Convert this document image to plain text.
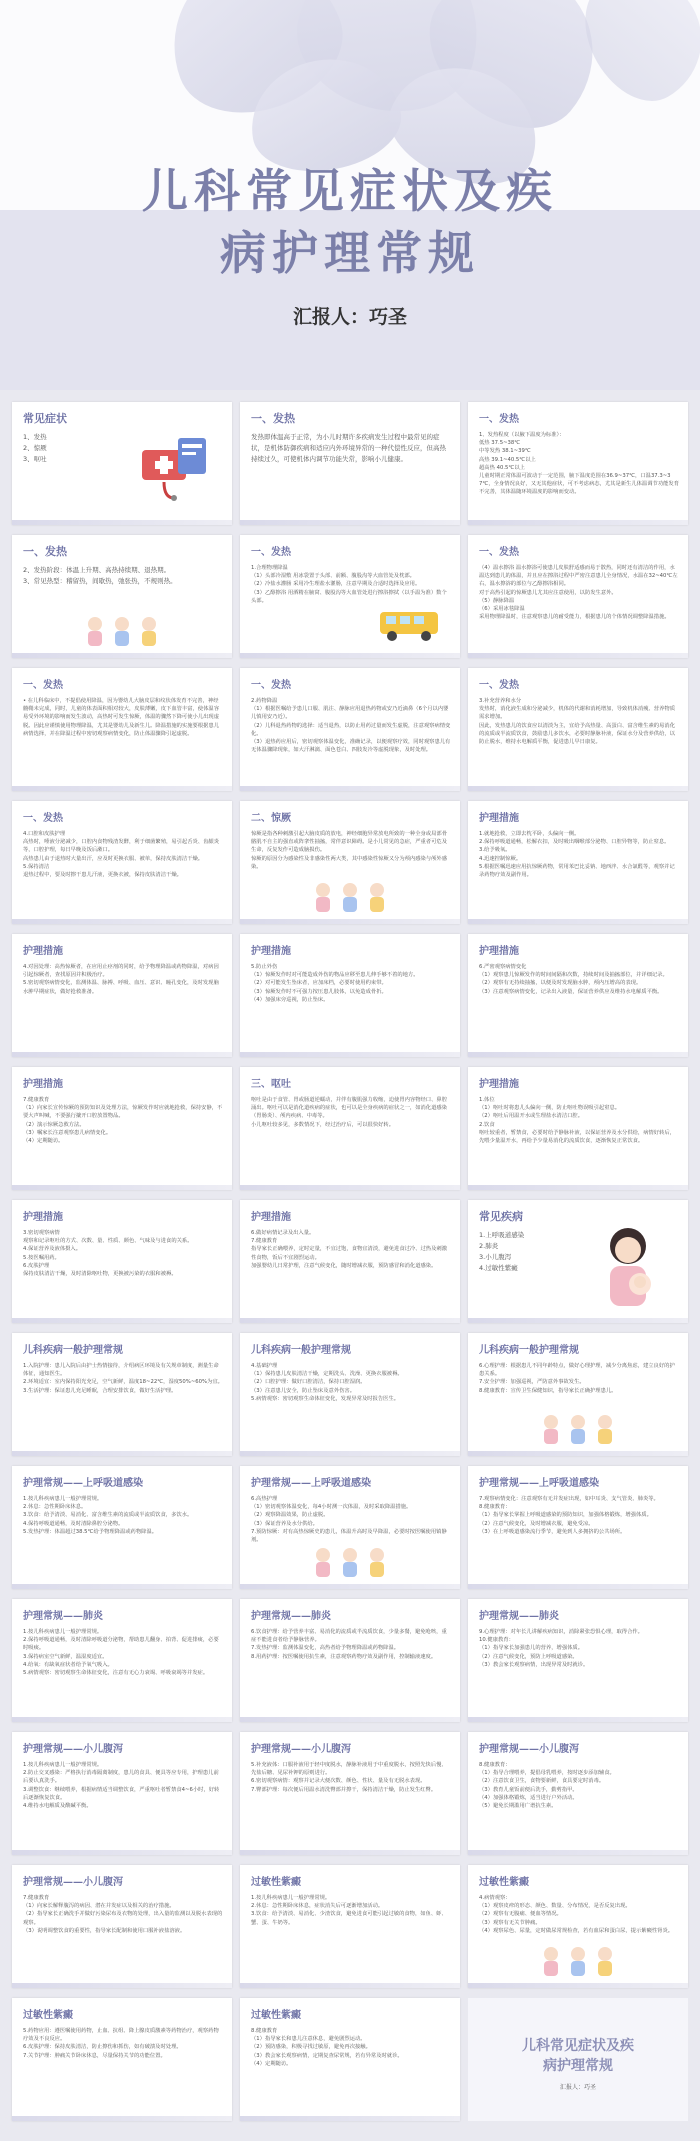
儿科常见症状及疾
病护理常规
汇报人：巧圣
常见症状
1、发热
2、惊厥
3、呕吐
一、发热
发热即体温高于正常，为小儿时期许多疾病发生过程中最常见的症状，是机体防御疾病和适应内外环境异常的一种代偿性反应，但高热持续过久，可使机体内调节功能失常，影响小儿健康。
一、发热
1、发热程度（以腋下温度为标准）：
低热 37.5~38℃
中等发热 38.1~39℃
高热 39.1~40.5℃以上
超高热 40.5℃以上
儿童时期正常体温可波动于一定范围，腋下温度范围在36.9~37℃，口温37.3~37℃，全身情况良好，又无其他症状，可不考虑病态，尤其是新生儿体温调节功能发育不完善，其体温随环境温度的影响而变动。
一、发热
2、发热阶段：体温上升期、高热持续期、退热期。
3、常见热型：稽留热，间歇热，弛张热，不规则热。
一、发热
1.合理物理降温
（1）头部冷湿敷 用冰袋置于头部、前额、腹股沟等大血管处及枕部。
（2）冷盐水灌肠 采用冷生理盐水灌肠，注意早期及合适时选择及应用。
（3）乙醇擦浴 用酒精在腋窝、腹股沟等大血管处进行擦浴擦拭（以手温为准）数个头部。
一、发热
（4）温水擦浴 温水擦浴可使患儿皮肤舒适感而易于散热，同时还有清洁的作用，水温达到患儿的体温，并且应在擦浴过程中严密注意患儿全身情况，水温在32~40℃左右，温水擦浴的部位与乙醇擦浴相同。
对于高热引起的惊厥患儿尤其应注意使用，以防发生意外。
（5）静脉降温
（6）采用冰毯降温
采用物理降温时，注意观察患儿的耐受能力，根据患儿的个体情况调整降温措施。
一、发热
• 在儿科临床中，不提倡使用降温，因为婴幼儿大脑皮层和纹状体发育不完善，神经髓鞘未完成，同时，儿童的体表面积相对较大，皮肤薄嫩，皮下血管丰富，使体温容易受外环境的影响而发生波动，高热时可发生惊厥，体温的骤然下降可使小儿出现虚脱。因此应谨慎使用物理降温，尤其是婴幼儿及新生儿。降温措施的实施要根据患儿病情选择，并在降温过程中密切观察病情变化，防止体温骤降引起虚脱。
一、发热
2.药物降温
（1）根据医嘱给予患儿口服、肌注、静脉应用退热药物或安乃近滴鼻（6个月以内婴儿慎用安乃近）。
（2）儿科退热药物的选择：适当退热，以防止用药过量而发生虚脱，注意观察病情变化。
（3）退热药应用后，密切观察体温变化，准确记录，以便观察疗效，同时观察患儿有无体温骤降现象，如大汗淋漓、面色苍白、四肢发冷等虚脱现象，及时处理。
一、发热
3.补充营养和水分
发热时，消化液生成和分泌减少，机体的代谢和消耗增加，导致机体消瘦、营养物质需求增加。
因此，发热患儿的饮食应以清淡为主，宜给予高热量、高蛋白、富含维生素的易消化的流质或半流质饮食，鼓励患儿多饮水，必要时静脉补液，保证水分及营养供给，以防止脱水，维持水电解质平衡，促进患儿早日康复。
一、发热
4.口腔和皮肤护理
高热时，唾液分泌减少，口腔内食物残渣发酵，利于细菌繁殖，易引起舌炎、齿龈炎等，口腔护理，每日早晚及饭后漱口。
高热患儿由于退热时大量出汗，应及时更换衣服、被单，保持皮肤清洁干燥。
5.保持清洁
退热过程中，要及时擦干患儿汗液，更换衣被，保持皮肤清洁干燥。
二、惊厥
惊厥是指各种刺激引起大脑皮质的放电，神经细胞异常放电所致的一种全身或局部骨骼肌不自主的强直或阵挛性抽搐，常伴意识障碍。是小儿常见的急症，严重者可危及生命，反复发作可造成脑损伤。
惊厥的原因分为感染性及非感染性两大类，其中感染性惊厥又分为颅内感染与颅外感染。
护理措施
1.就地抢救，立即去枕平卧，头偏向一侧。
2.保持呼吸道通畅，松解衣扣，及时吸出咽喉部分泌物、口腔异物等，防止窒息。
3.给予吸氧。
4.迅速控制惊厥。
5.根据医嘱迅速应用抗惊厥药物，常用苯巴比妥钠、地西泮、水合氯醛等，观察并记录药物疗效及副作用。
护理措施
4.对因处理：高热惊厥者，在应用止痉剂的同时，给予物理降温或药物降温，对病因引起惊厥者，查找原因并积极治疗。
5.密切观察病情变化，监测体温、脉搏、呼吸、血压、意识、瞳孔变化，及时发现脑水肿早期症状，做好抢救准备。
护理措施
5.防止外伤
（1）惊厥发作时对可能造成外伤的物品应移至患儿伸手够不着的地方。
（2）对可能发生坠床者，应加床档，必要时使用约束带。
（3）惊厥发作时不可强力按压患儿肢体，以免造成骨折。
（4）加强床旁巡视，防止坠床。
护理措施
6.严密观察病情变化
（1）观察患儿惊厥发作的时间间隔和次数，持续时间及抽搐部位，并详细记录。
（2）观察有无持续抽搐，以便及时发现脑水肿，颅内压增高的表现。
（3）注意观察病情变化，记录出入液量，保证营养供应及维持水电解质平衡。
护理措施
7.健康教育
（1）向家长宣传惊厥的预防知识及处理方法，惊厥发作时应就地抢救，保持安静，不要大声叫喊，不要强行撬开口腔放置物品。
（2）演示惊厥急救方法。
（3）嘱家长注意观察患儿病情变化。
（4）定期随访。
三、呕吐
呕吐是由于食管、胃或肠道逆蠕动，并伴有腹肌强力收缩，迫使胃内容物经口、鼻腔涌出。呕吐可以是消化道疾病的症状，也可以是全身疾病的症状之一，如消化道感染（胃肠炎）、颅内疾病、中毒等。
小儿呕吐较多见，多数情况下，经过治疗后，可以很快好转。
护理措施
1.体位
（1）呕吐时将患儿头偏向一侧，防止呕吐物误吸引起窒息。
（2）呕吐后用温开水或生理盐水清洁口腔。
2.饮食
呕吐较重者，暂禁食，必要时给予静脉补液，以保证营养及水分供给，病情好转后，先喂少量温开水，再给予少量易消化的流质饮食，逐渐恢复正常饮食。
护理措施
3.密切观察病情
观察和记录呕吐的方式、次数、量、性质、颜色、气味及与进食的关系。
4.保证营养及液体摄入。
5.按医嘱用药。
6.皮肤护理
保持皮肤清洁干燥，及时清除呕吐物，更换被污染的衣服和被褥。
护理措施
6.做好病情记录及出入量。
7.健康教育
指导家长正确喂养，定时定量，不宜过饱，食物宜清淡，避免进食过冷、过热及刺激性食物，饭后不宜剧烈运动。
加强婴幼儿日常护理，注意气候变化，随时增减衣服，预防感冒和消化道感染。
常见疾病
1.上呼吸道感染
2.肺炎
3.小儿腹泻
4.过敏性紫癜
儿科疾病一般护理常规
1.入院护理：患儿入院后由护士热情接待，介绍病区环境及有关规章制度，测量生命体征，通知医生。
2.环境适宜：室内保持阳光充足，空气新鲜，温度18~22℃，湿度50%~60%为宜。
3.生活护理：保证患儿充足睡眠，合理安排饮食，做好生活护理。
儿科疾病一般护理常规
4.基础护理
（1）保持患儿皮肤清洁干燥，定期洗头、洗澡、更换衣服被褥。
（2）口腔护理：做好口腔清洁，保持口腔湿润。
（3）注意患儿安全，防止坠床及意外伤害。
5.病情观察：密切观察生命体征变化，发现异常及时报告医生。
儿科疾病一般护理常规
6.心理护理：根据患儿不同年龄特点，做好心理护理，减少分离焦虑，建立良好的护患关系。
7.安全护理：加强巡视，严防意外事故发生。
8.健康教育：宣传卫生保健知识，指导家长正确护理患儿。
护理常规——上呼吸道感染
1.按儿科疾病患儿一般护理常规。
2.休息：急性期卧床休息。
3.饮食：给予清淡、易消化、富含维生素的流质或半流质饮食，多饮水。
4.保持呼吸道通畅，及时清除鼻腔分泌物。
5.发热护理：体温超过38.5℃给予物理降温或药物降温。
护理常规——上呼吸道感染
6.高热护理
（1）密切观察体温变化，每4小时测一次体温，及时采取降温措施。
（2）观察降温效果，防止虚脱。
（3）保证营养及水分供给。
7.预防惊厥：对有高热惊厥史的患儿，体温升高时及早降温，必要时按医嘱使用镇静剂。
护理常规——上呼吸道感染
7.观察病情变化：注意观察有无并发症出现，如中耳炎、支气管炎、肺炎等。
8.健康教育：
（1）指导家长掌握上呼吸道感染的预防知识，加强体格锻炼，增强体质。
（2）注意气候变化，及时增减衣服，避免受凉。
（3）在上呼吸道感染流行季节，避免到人多拥挤的公共场所。
护理常规——肺炎
1.按儿科疾病患儿一般护理常规。
2.保持呼吸道通畅，及时清除呼吸道分泌物，帮助患儿翻身、拍背、促进排痰，必要时吸痰。
3.保持病室空气新鲜，温湿度适宜。
4.给氧：有缺氧症状者给予氧气吸入。
5.病情观察：密切观察生命体征变化，注意有无心力衰竭、呼吸衰竭等并发症。
护理常规——肺炎
6.饮食护理：给予营养丰富、易消化的流质或半流质饮食，少量多餐，避免呛咳，重症不能进食者给予静脉营养。
7.发热护理：监测体温变化，高热者给予物理降温或药物降温。
8.用药护理：按医嘱使用抗生素，注意观察药物疗效及副作用，控制输液速度。
护理常规——肺炎
9.心理护理：对年长儿讲解疾病知识，消除紧张恐惧心理，取得合作。
10.健康教育：
（1）指导家长加强患儿的营养，增强体质。
（2）注意气候变化，预防上呼吸道感染。
（3）教会家长观察病情，出现异常及时就诊。
护理常规——小儿腹泻
1.按儿科疾病患儿一般护理常规。
2.防止交叉感染：严格执行消毒隔离制度，患儿的食具、便具等应专用，护理患儿前后要认真洗手。
3.调整饮食：继续喂养，根据病情适当调整饮食，严重呕吐者暂禁食4~6小时，好转后逐渐恢复饮食。
4.维持水电解质及酸碱平衡。
护理常规——小儿腹泻
5.补充液体：口服补液用于轻中度脱水，静脉补液用于中重度脱水，按照先快后慢、先盐后糖、见尿补钾的原则进行。
6.密切观察病情：观察并记录大便次数、颜色、性状、量及有无脱水表现。
7.臀部护理：每次便后用温水清洗臀部并擦干，保持清洁干燥，防止发生红臀。
护理常规——小儿腹泻
8.健康教育：
（1）指导合理喂养，提倡母乳喂养，按时逐步添加辅食。
（2）注意饮食卫生，食物要新鲜，食具要定时消毒。
（3）教育儿童饭前便后洗手，勤剪指甲。
（4）加强体格锻炼，适当进行户外活动。
（5）避免长期滥用广谱抗生素。
护理常规——小儿腹泻
7.健康教育
（1）向家长解释腹泻的病因、潜在并发症以及相关的治疗措施。
（2）指导家长正确洗手并做好污染尿布及衣物的处理，出入量的监测以及脱水表现的观察。
（3）说明调整饮食的重要性，指导家长配制和使用口服补液盐溶液。
过敏性紫癜
1.按儿科疾病患儿一般护理常规。
2.休息：急性期卧床休息，症状消失后可逐渐增加活动。
3.饮食：给予清淡、易消化、少渣饮食，避免进食可能引起过敏的食物，如鱼、虾、蟹、蛋、牛奶等。
过敏性紫癜
4.病情观察：
（1）观察皮疹的形态、颜色、数量、分布情况，是否反复出现。
（2）观察有无腹痛、便血等情况。
（3）观察有无关节肿痛。
（4）观察尿色、尿量，定时做尿常规检查，若有血尿和蛋白尿，提示紫癜性肾炎。
过敏性紫癜
5.药物应用：遵医嘱使用药物，止血、抗组、降上腺皮质激素等药物治疗，观察药物疗效及不良反应。
6.皮肤护理：保持皮肤清洁，防止擦伤和抓伤，如有破溃及时处理。
7.关节护理：肿痛关节卧床休息，尽量保持关节的功能位置。
过敏性紫癜
8.健康教育
（1）指导家长和患儿注意休息，避免剧烈运动。
（2）预防感染，积极寻找过敏原，避免再次接触。
（3）教会家长观察病情，定期复查尿常规，若有异常及时就诊。
（4）定期随访。
儿科常见症状及疾
病护理常规
汇报人：巧圣
